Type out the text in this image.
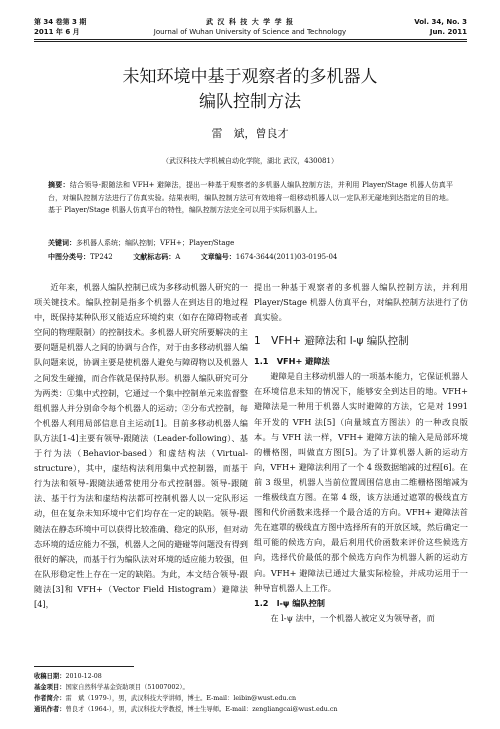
第 34 卷第 3 期
2011 年 6 月
武 汉 科 技 大 学 学 报
Journal of Wuhan University of Science and Technology
Vol. 34, No. 3
Jun. 2011
未知环境中基于观察者的多机器人
编队控制方法
雷　斌，曾良才
（武汉科技大学机械自动化学院，湖北 武汉，430081）
摘要：结合领导-跟随法和 VFH+ 避障法，提出一种基于观察者的多机器人编队控制方法，并利用 Player/Stage 机器人仿真平台，对编队控制方法进行了仿真实验。结果表明，编队控制方法可有效地将一组移动机器人以一定队形无碰地到达指定的目的地。基于 Player/Stage 机器人仿真平台的特性，编队控制方法完全可以用于实际机器人上。
关键词：多机器人系统；编队控制；VFH+；Player/Stage
中图分类号：TP242	文献标志码：A	文章编号：1674-3644(2011)03-0195-04

近年来，机器人编队控制已成为多移动机器人研究的一项关键技术。编队控制是指多个机器人在到达目的地过程中，既保持某种队形又能适应环境约束（如存在障碍物或者空间的物理限制）的控制技术。多机器人研究所要解决的主要问题是机器人之间的协调与合作，对于由多移动机器人编队问题来说，协调主要是使机器人避免与障碍物以及机器人之间发生碰撞，而合作就是保持队形。机器人编队研究可分为两类：①集中式控制，它通过一个集中控制单元来监督整组机器人并分别命令每个机器人的运动；②分布式控制，每个机器人利用局部信息自主运动[1]。目前多移动机器人编队方法[1-4]主要有领导-跟随法（Leader-following）、基于行为法（Behavior-based）和虚结构法（Virtual-structure），其中，虚结构法利用集中式控制器，而基于行为法和领导-跟随法通常使用分布式控制器。领导-跟随法、基于行为法和虚结构法都可控制机器人以一定队形运动，但在复杂未知环境中它们均存在一定的缺陷。领导-跟随法在静态环境中可以获得比较准确、稳定的队形，但对动态环境的适应能力不强，机器人之间的避碰等问题没有得到很好的解决，而基于行为编队法对环境的适应能力较强，但在队形稳定性上存在一定的缺陷。为此，本文结合领导-跟随法[3]和 VFH+（Vector Field Histogram）避障法[4]，

提出一种基于观察者的多机器人编队控制方法，并利用 Player/Stage 机器人仿真平台，对编队控制方法进行了仿真实验。

1　VFH+ 避障法和 l-ψ 编队控制
1.1　VFH+ 避障法

避障是自主移动机器人的一项基本能力，它保证机器人在环境信息未知的情况下，能够安全到达目的地。VFH+ 避障法是一种用于机器人实时避障的方法，它是对 1991 年开发的 VFH 法[5]（向量域直方图法）的一种改良版本。与 VFH 法一样，VFH+ 避障方法的输入是局部环境的栅格图，叫做直方图[5]。为了计算机器人新的运动方向，VFH+ 避障法利用了一个 4 级数据缩减的过程[6]。在前 3 级里，机器人当前位置周围信息由二维栅格图缩减为一维极线直方图。在第 4 级，该方法通过遮罩的极线直方图和代价函数来选择一个最合适的方向。VFH+ 避障法首先在遮罩的极线直方图中选择所有的开放区域，然后确定一组可能的候选方向，最后利用代价函数来评价这些候选方向，选择代价最低的那个候选方向作为机器人新的运动方向。VFH+ 避障法已通过大量实际检验，并成功运用于一种导盲机器人上工作。

1.2　l-ψ 编队控制

在 l-ψ 法中，一个机器人被定义为领导者，而

收稿日期：2010-12-08
基金项目：国家自然科学基金资助项目（51007002）。
作者简介：雷　斌（1979-），男，武汉科技大学讲师，博士。E-mail：leibin@wust.edu.cn
通讯作者：曾良才（1964-），男，武汉科技大学教授，博士生导师。E-mail：zengliangcai@wust.edu.cn
